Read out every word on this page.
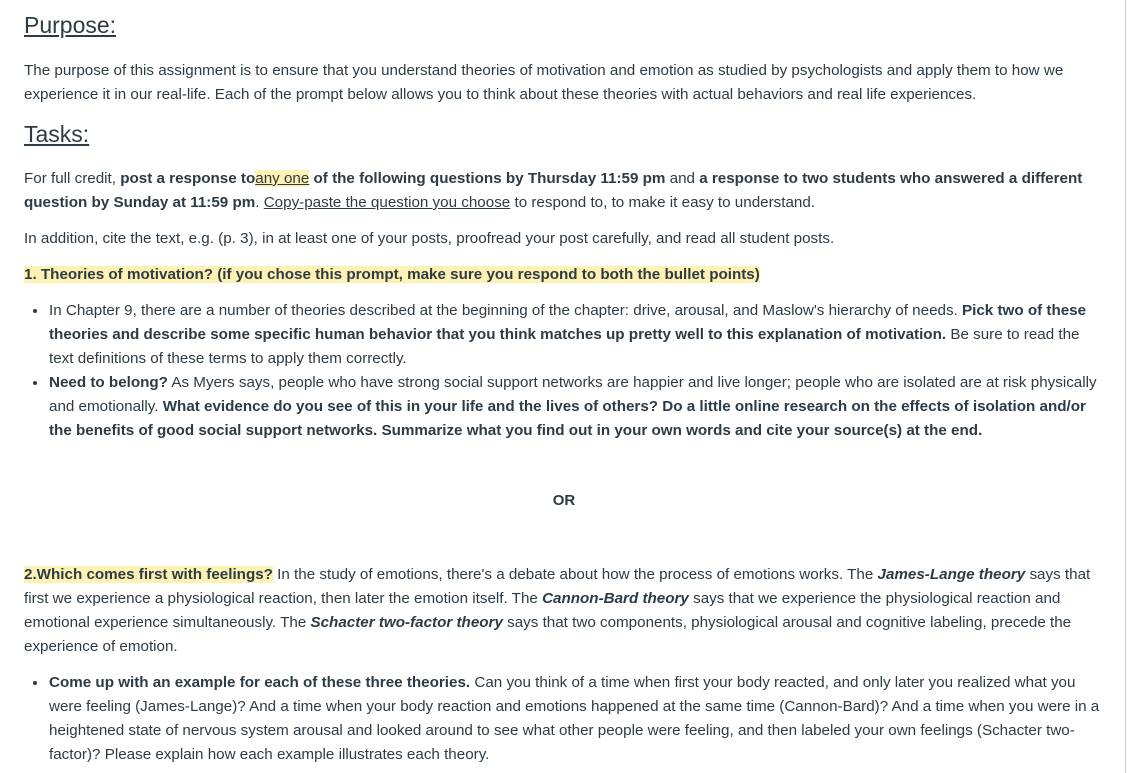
Purpose:

The purpose of this assignment is to ensure that you understand theories of motivation and emotion as studied by psychologists and apply them to how we experience it in our real-life. Each of the prompt below allows you to think about these theories with actual behaviors and real life experiences.

Tasks:

For full credit, post a response toany one of the following questions by Thursday 11:59 pm and a response to two students who answered a different question by Sunday at 11:59 pm. Copy-paste the question you choose to respond to, to make it easy to understand.

In addition, cite the text, e.g. (p. 3), in at least one of your posts, proofread your post carefully, and read all student posts.

1. Theories of motivation? (if you chose this prompt, make sure you respond to both the bullet points)

In Chapter 9, there are a number of theories described at the beginning of the chapter: drive, arousal, and Maslow's hierarchy of needs. Pick two of these theories and describe some specific human behavior that you think matches up pretty well to this explanation of motivation. Be sure to read the text definitions of these terms to apply them correctly.
Need to belong? As Myers says, people who have strong social support networks are happier and live longer; people who are isolated are at risk physically and emotionally. What evidence do you see of this in your life and the lives of others? Do a little online research on the effects of isolation and/or the benefits of good social support networks. Summarize what you find out in your own words and cite your source(s) at the end.
OR

2.Which comes first with feelings? In the study of emotions, there's a debate about how the process of emotions works. The James-Lange theory says that first we experience a physiological reaction, then later the emotion itself. The Cannon-Bard theory says that we experience the physiological reaction and emotional experience simultaneously. The Schacter two-factor theory says that two components, physiological arousal and cognitive labeling, precede the experience of emotion.

Come up with an example for each of these three theories. Can you think of a time when first your body reacted, and only later you realized what you were feeling (James-Lange)? And a time when your body reaction and emotions happened at the same time (Cannon-Bard)? And a time when you were in a heightened state of nervous system arousal and looked around to see what other people were feeling, and then labeled your own feelings (Schacter two-factor)? Please explain how each example illustrates each theory.
